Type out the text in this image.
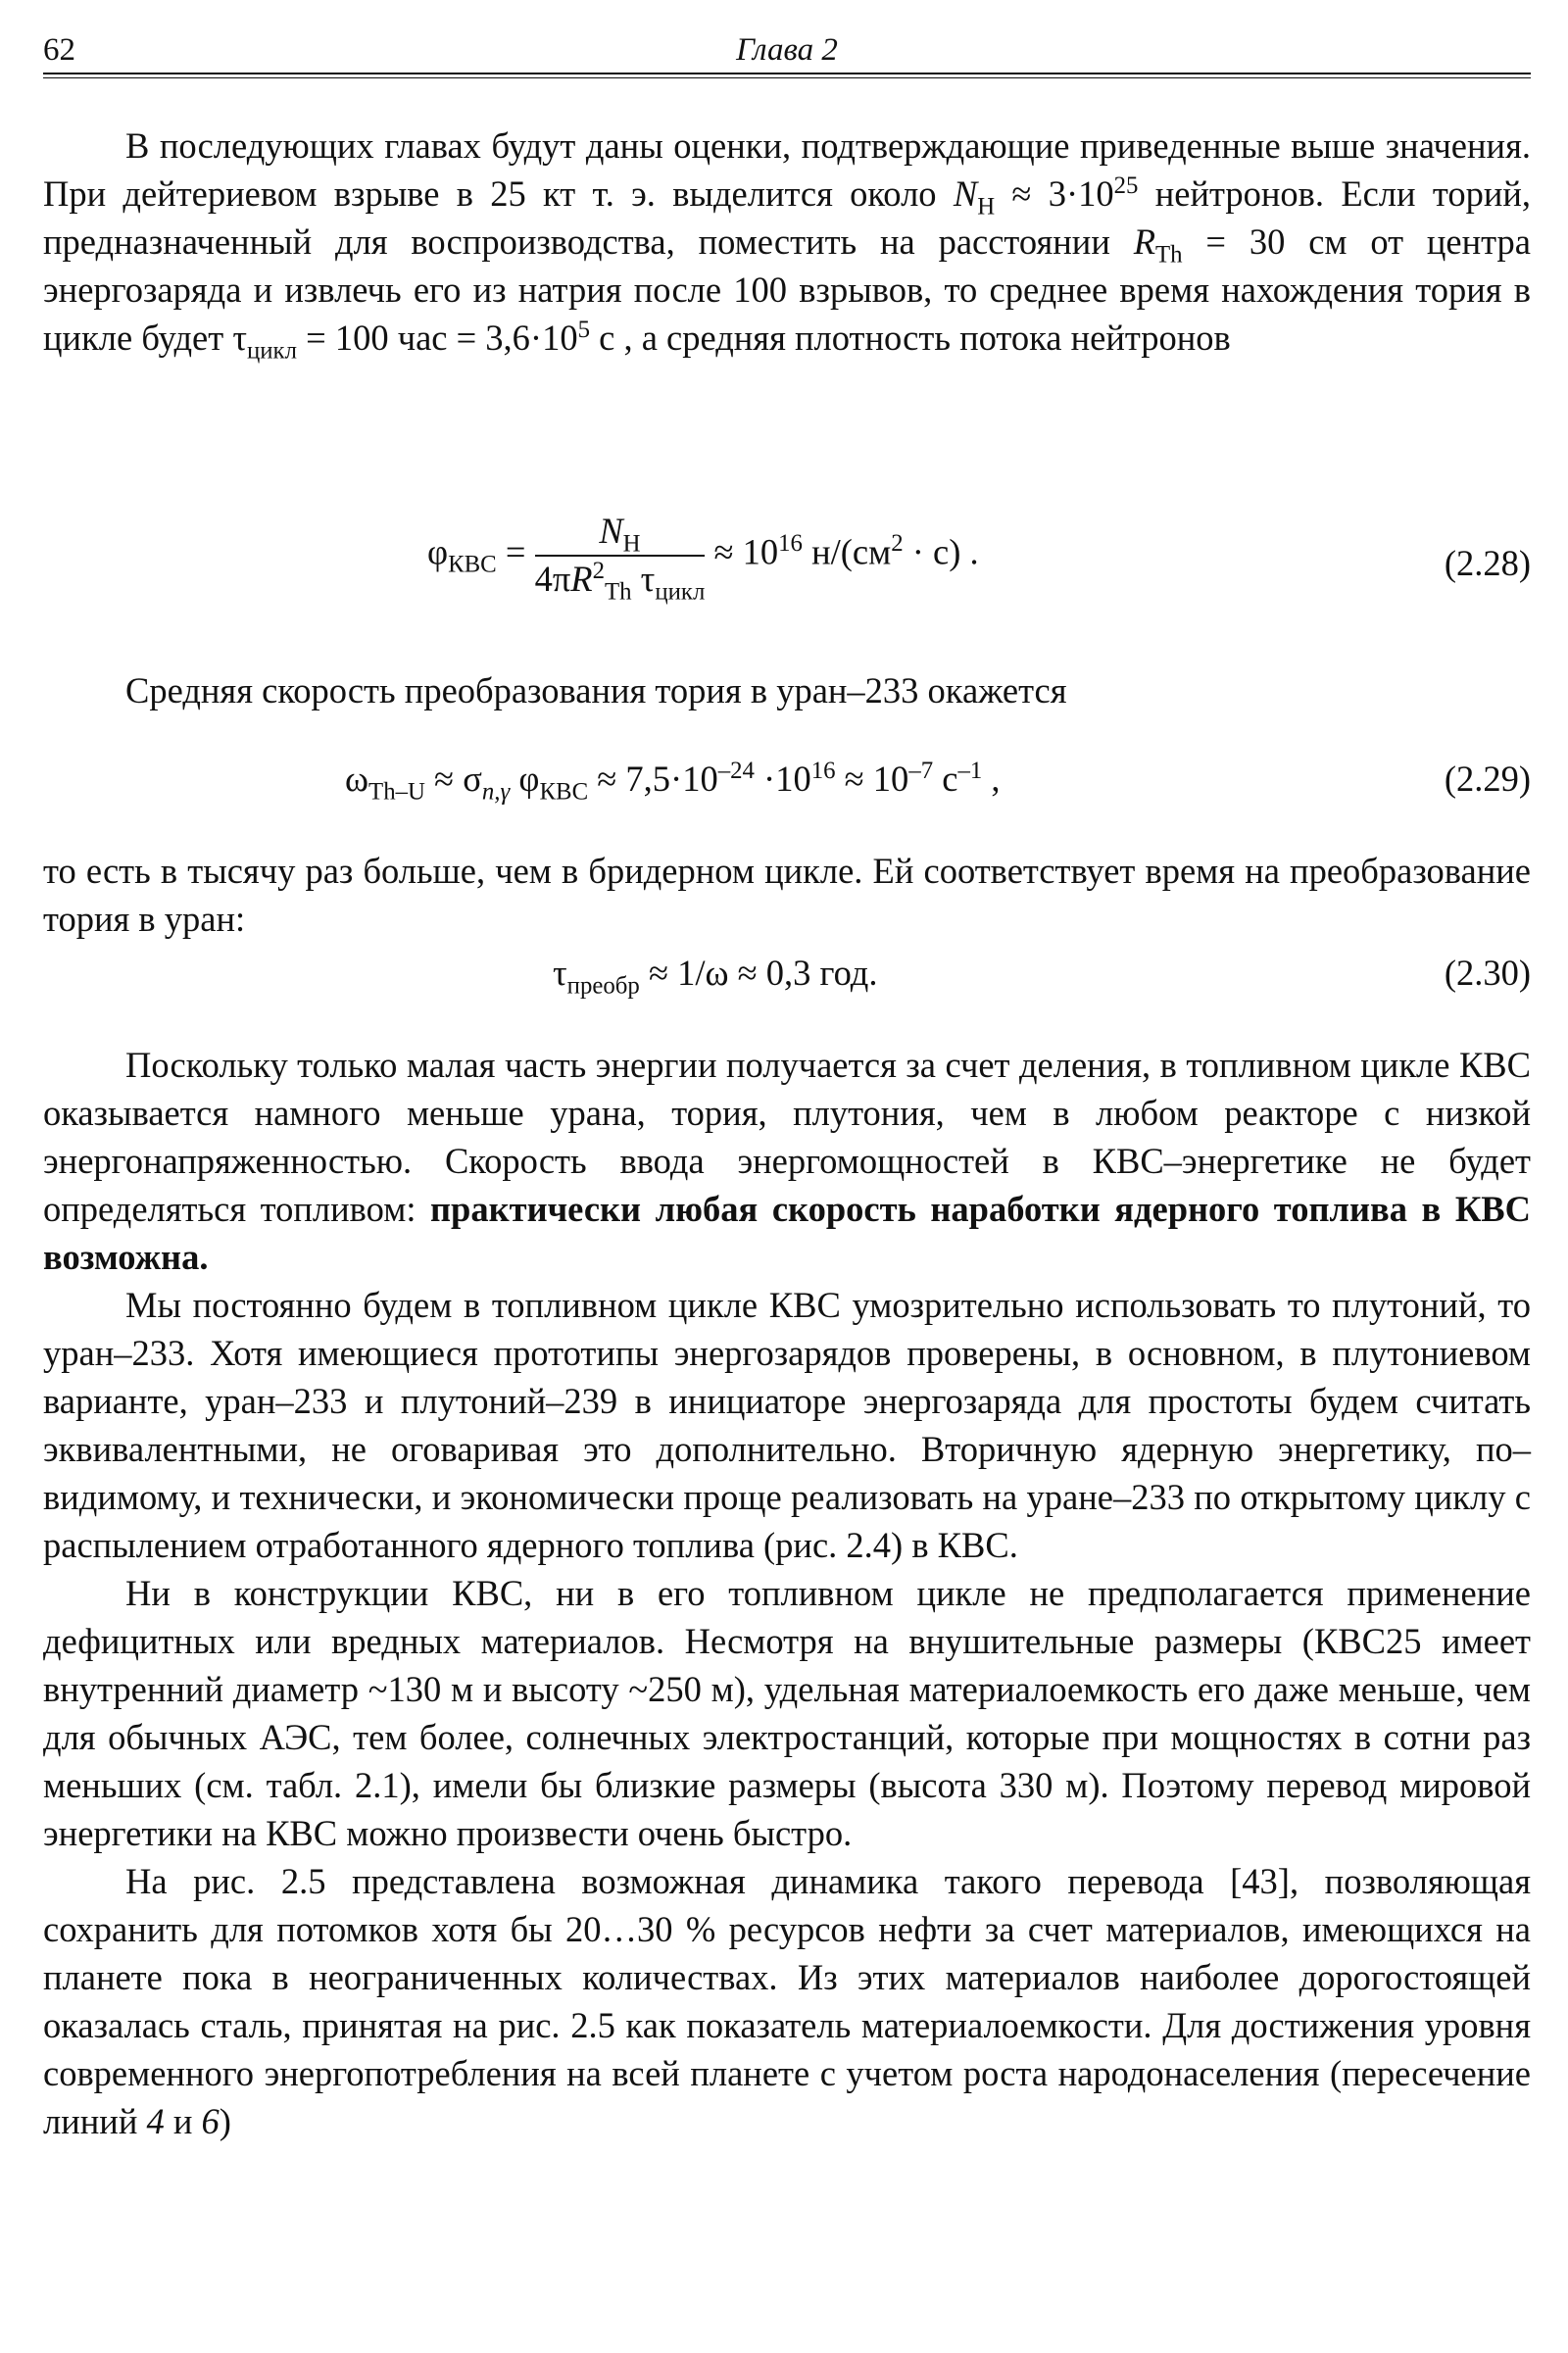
62	Глава 2

В последующих главах будут даны оценки, подтверждающие приведенные выше значения. При дейтериевом взрыве в 25 кт т. э. выделится около $N_Н \approx 3\cdot 10^{25}$ нейтронов. Если торий, предназначенный для воспроизводства, поместить на расстоянии $R_{Th} = 30$ см от центра энергозаряда и извлечь его из натрия после 100 взрывов, то среднее время нахождения тория в цикле будет $\tau_{цикл} = 100$ час = $3,6\cdot 10^5$ с , а средняя плотность потока нейтронов

$\varphi_{КВС} = \frac{N_Н}{4\pi R^2_{Th} \tau_{цикл}} \approx 10^{16}$ $н/(см^2 \cdot с)$ .	(2.28)

Средняя скорость преобразования тория в уран–233 окажется

$\omega_{Th-U} \approx \sigma_{n,\gamma}$ $\varphi_{КВС} \approx 7,5\cdot 10^{-24} \cdot 10^{16} \approx 10^{-7}$ $с^{-1}$ ,	(2.29)

то есть в тысячу раз больше, чем в бридерном цикле. Ей соответствует время на преобразование тория в уран:

$\tau_{преобр} \approx 1/\omega \approx 0,3$ год.	(2.30)

Поскольку только малая часть энергии получается за счет деления, в топливном цикле КВС оказывается намного меньше урана, тория, плутония, чем в любом реакторе с низкой энергонапряженностью. Скорость ввода энергомощностей в КВС–энергетике не будет определяться топливом: практически любая скорость наработки ядерного топлива в КВС возможна.

Мы постоянно будем в топливном цикле КВС умозрительно использовать то плутоний, то уран–233. Хотя имеющиеся прототипы энергозарядов проверены, в основном, в плутониевом варианте, уран–233 и плутоний–239 в инициаторе энергозаряда для простоты будем считать эквивалентными, не оговаривая это дополнительно. Вторичную ядерную энергетику, по–видимому, и технически, и экономически проще реализовать на уране–233 по открытому циклу с распылением отработанного ядерного топлива (рис. 2.4) в КВС.

Ни в конструкции КВС, ни в его топливном цикле не предполагается применение дефицитных или вредных материалов. Несмотря на внушительные размеры (КВС25 имеет внутренний диаметр ~130 м и высоту ~250 м), удельная материалоемкость его даже меньше, чем для обычных АЭС, тем более, солнечных электростанций, которые при мощностях в сотни раз меньших (см. табл. 2.1), имели бы близкие размеры (высота 330 м). Поэтому перевод мировой энергетики на КВС можно произвести очень быстро.

На рис. 2.5 представлена возможная динамика такого перевода [43], позволяющая сохранить для потомков хотя бы 20…30 % ресурсов нефти за счет материалов, имеющихся на планете пока в неограниченных количествах. Из этих материалов наиболее дорогостоящей оказалась сталь, принятая на рис. 2.5 как показатель материалоемкости. Для достижения уровня современного энергопотребления на всей планете с учетом роста народонаселения (пересечение линий 4 и 6)
